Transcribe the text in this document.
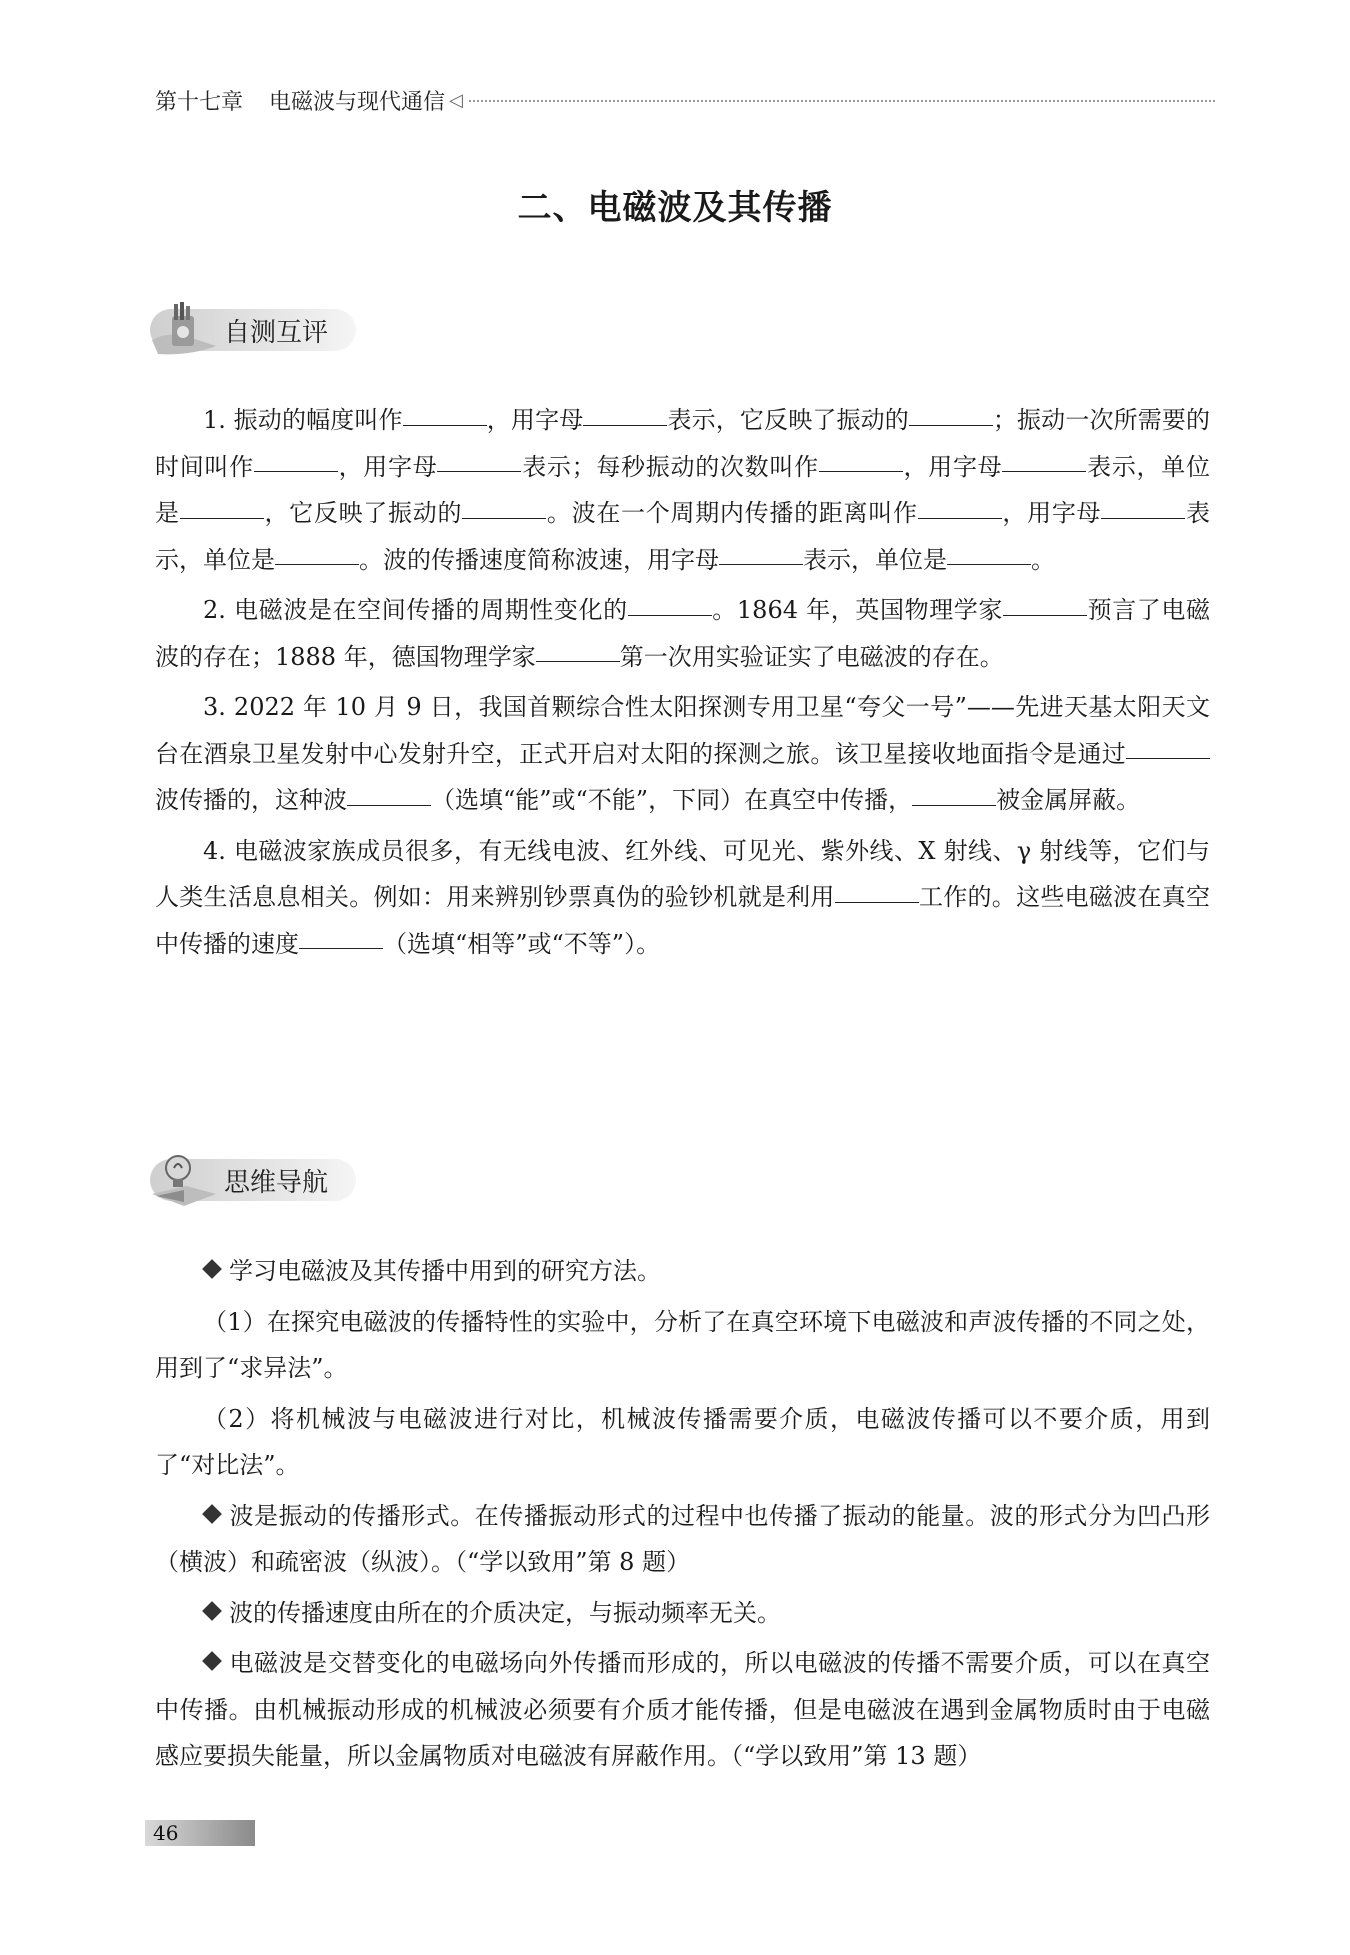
第十七章 电磁波与现代通信 ◁
二、电磁波及其传播
自测互评

1. 振动的幅度叫作	，用字母	表示，它反映了振动的	；振动一次所需要的时间叫作	，用字母	表示；每秒振动的次数叫作	，用字母	表示，单位是	，它反映了振动的	。波在一个周期内传播的距离叫作	，用字母	表示，单位是	。波的传播速度简称波速，用字母	表示，单位是	。

2. 电磁波是在空间传播的周期性变化的	。1864 年，英国物理学家	预言了电磁波的存在；1888 年，德国物理学家	第一次用实验证实了电磁波的存在。

3. 2022 年 10 月 9 日，我国首颗综合性太阳探测专用卫星“夸父一号”——先进天基太阳天文台在酒泉卫星发射中心发射升空，正式开启对太阳的探测之旅。该卫星接收地面指令是通过波传播的，这种波	（选填“能”或“不能”，下同）在真空中传播，	被金属屏蔽。

4. 电磁波家族成员很多，有无线电波、红外线、可见光、紫外线、X 射线、γ 射线等，它们与人类生活息息相关。例如：用来辨别钞票真伪的验钞机就是利用	工作的。这些电磁波在真空中传播的速度	（选填“相等”或“不等”）。

思维导航

学习电磁波及其传播中用到的研究方法。

（1）在探究电磁波的传播特性的实验中，分析了在真空环境下电磁波和声波传播的不同之处，用到了“求异法”。

（2）将机械波与电磁波进行对比，机械波传播需要介质，电磁波传播可以不要介质，用到了“对比法”。

波是振动的传播形式。在传播振动形式的过程中也传播了振动的能量。波的形式分为凹凸形（横波）和疏密波（纵波）。（“学以致用”第 8 题）

波的传播速度由所在的介质决定，与振动频率无关。

电磁波是交替变化的电磁场向外传播而形成的，所以电磁波的传播不需要介质，可以在真空中传播。由机械振动形成的机械波必须要有介质才能传播，但是电磁波在遇到金属物质时由于电磁感应要损失能量，所以金属物质对电磁波有屏蔽作用。（“学以致用”第 13 题）

46
